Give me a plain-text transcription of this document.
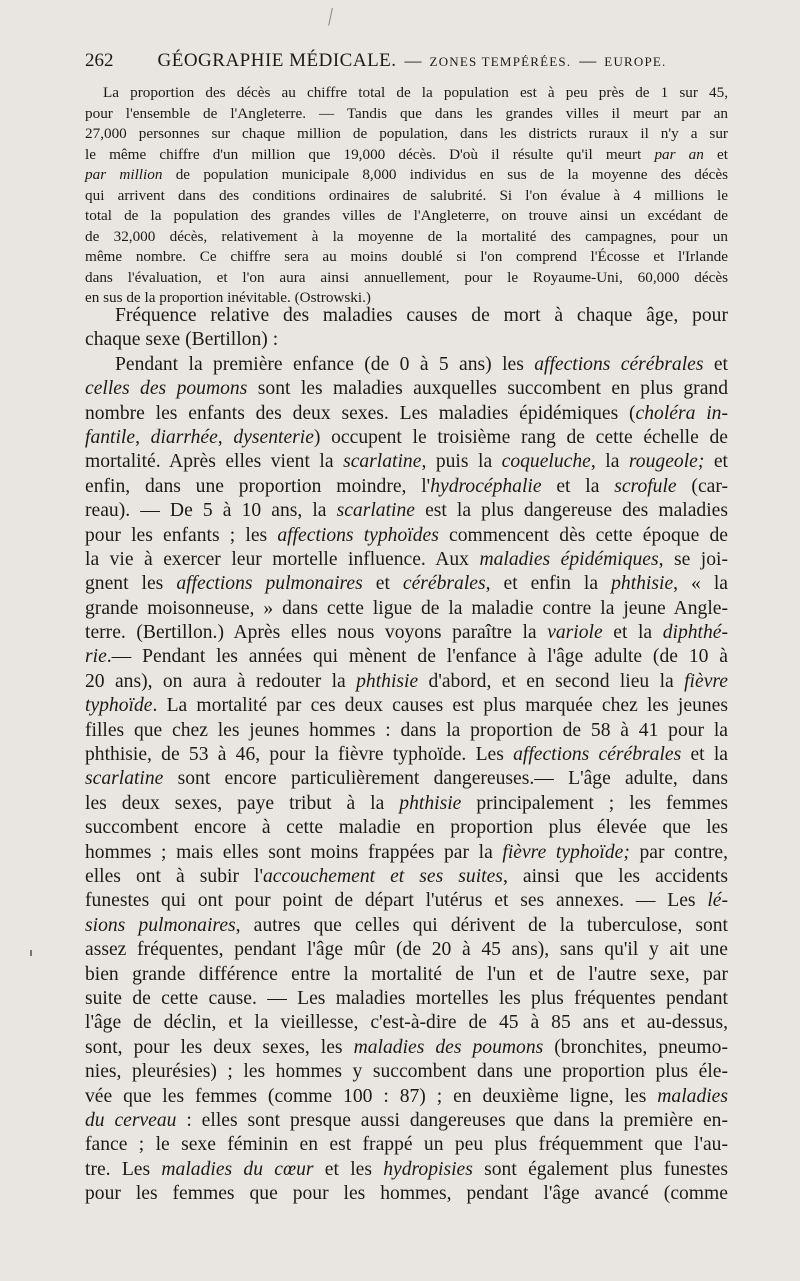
262 GÉOGRAPHIE MÉDICALE. — ZONES TEMPÉRÉES. — EUROPE.
La proportion des décès au chiffre total de la population est à peu près de 1 sur 45,
pour l'ensemble de l'Angleterre. — Tandis que dans les grandes villes il meurt par an
27,000 personnes sur chaque million de population, dans les districts ruraux il n'y a sur
le même chiffre d'un million que 19,000 décès. D'où il résulte qu'il meurt par an et
par million de population municipale 8,000 individus en sus de la moyenne des décès
qui arrivent dans des conditions ordinaires de salubrité. Si l'on évalue à 4 millions le
total de la population des grandes villes de l'Angleterre, on trouve ainsi un excédant de
de 32,000 décès, relativement à la moyenne de la mortalité des campagnes, pour un
même nombre. Ce chiffre sera au moins doublé si l'on comprend l'Écosse et l'Irlande
dans l'évaluation, et l'on aura ainsi annuellement, pour le Royaume-Uni, 60,000 décès
en sus de la proportion inévitable. (Ostrowski.)
Fréquence relative des maladies causes de mort à chaque âge, pour
chaque sexe (Bertillon) :
Pendant la première enfance (de 0 à 5 ans) les affections cérébrales et
celles des poumons sont les maladies auxquelles succombent en plus grand
nombre les enfants des deux sexes. Les maladies épidémiques (choléra in-
fantile, diarrhée, dysenterie) occupent le troisième rang de cette échelle de
mortalité. Après elles vient la scarlatine, puis la coqueluche, la rougeole; et
enfin, dans une proportion moindre, l'hydrocéphalie et la scrofule (car-
reau). — De 5 à 10 ans, la scarlatine est la plus dangereuse des maladies
pour les enfants ; les affections typhoïdes commencent dès cette époque de
la vie à exercer leur mortelle influence. Aux maladies épidémiques, se joi-
gnent les affections pulmonaires et cérébrales, et enfin la phthisie, « la
grande moisonneuse, » dans cette ligue de la maladie contre la jeune Angle-
terre. (Bertillon.) Après elles nous voyons paraître la variole et la diphthé-
rie.— Pendant les années qui mènent de l'enfance à l'âge adulte (de 10 à
20 ans), on aura à redouter la phthisie d'abord, et en second lieu la fièvre
typhoïde. La mortalité par ces deux causes est plus marquée chez les jeunes
filles que chez les jeunes hommes : dans la proportion de 58 à 41 pour la
phthisie, de 53 à 46, pour la fièvre typhoïde. Les affections cérébrales et la
scarlatine sont encore particulièrement dangereuses.— L'âge adulte, dans
les deux sexes, paye tribut à la phthisie principalement ; les femmes
succombent encore à cette maladie en proportion plus élevée que les
hommes ; mais elles sont moins frappées par la fièvre typhoïde; par contre,
elles ont à subir l'accouchement et ses suites, ainsi que les accidents
funestes qui ont pour point de départ l'utérus et ses annexes. — Les lé-
sions pulmonaires, autres que celles qui dérivent de la tuberculose, sont
assez fréquentes, pendant l'âge mûr (de 20 à 45 ans), sans qu'il y ait une
bien grande différence entre la mortalité de l'un et de l'autre sexe, par
suite de cette cause. — Les maladies mortelles les plus fréquentes pendant
l'âge de déclin, et la vieillesse, c'est-à-dire de 45 à 85 ans et au-dessus,
sont, pour les deux sexes, les maladies des poumons (bronchites, pneumo-
nies, pleurésies) ; les hommes y succombent dans une proportion plus éle-
vée que les femmes (comme 100 : 87) ; en deuxième ligne, les maladies
du cerveau : elles sont presque aussi dangereuses que dans la première en-
fance ; le sexe féminin en est frappé un peu plus fréquemment que l'au-
tre. Les maladies du cœur et les hydropisies sont également plus funestes
pour les femmes que pour les hommes, pendant l'âge avancé (comme
